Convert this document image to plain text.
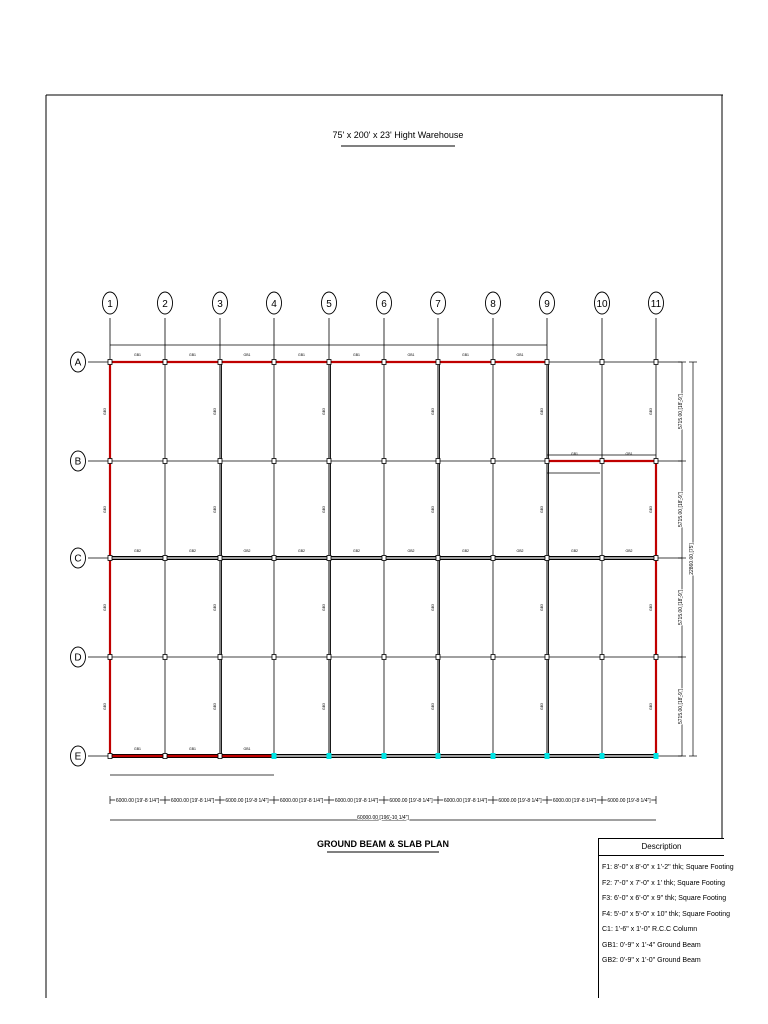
75' x 200' x 23' Hight Warehouse
GB1	GB1	GB1	GB1	GB1	GB1	GB1	GB1
GB2	GB2	GB2	GB2	GB2	GB2	GB2	GB2	GB2	GB2
GB1	GB1
GB1	GB1	GB1
GB3
GB3
GB3
GB3
GB3
GB3
GB3
GB3
GB3
GB3
GB3
GB3
GB3
GB3
GB3
GB3
GB3
GB3
GB3
GB3
GB3
GB3
GB3
GB3
1	2	3	4	5	6	7	8	9	10	11
A
B
C
D
E
6000.00 [19'-8 1/4"] 6000.00 [19'-8 1/4"] 6000.00 [19'-8 1/4"] 6000.00 [19'-8 1/4"] 6000.00 [19'-8 1/4"] 6000.00 [19'-8 1/4"] 6000.00 [19'-8 1/4"] 6000.00 [19'-8 1/4"] 6000.00 [19'-8 1/4"] 6000.00 [19'-8 1/4"]
60000.00 [196'-10 1/4"]
5715.00 [18'-9"]
5715.00 [18'-9"]
5715.00 [18'-9"]
5715.00 [18'-9"]
22860.00 [75']
GROUND BEAM & SLAB PLAN	Description
F1: 8'-0" x 8'-0" x 1'-2" thk; Square Footing
F2: 7'-0" x 7'-0" x 1' thk; Square Footing
F3: 6'-0" x 6'-0" x 9" thk; Square Footing
F4: 5'-0" x 5'-0" x 10" thk; Square Footing
C1: 1'-6" x 1'-0" R.C.C Column
GB1: 0'-9" x 1'-4" Ground Beam
GB2: 0'-9" x 1'-0" Ground Beam
